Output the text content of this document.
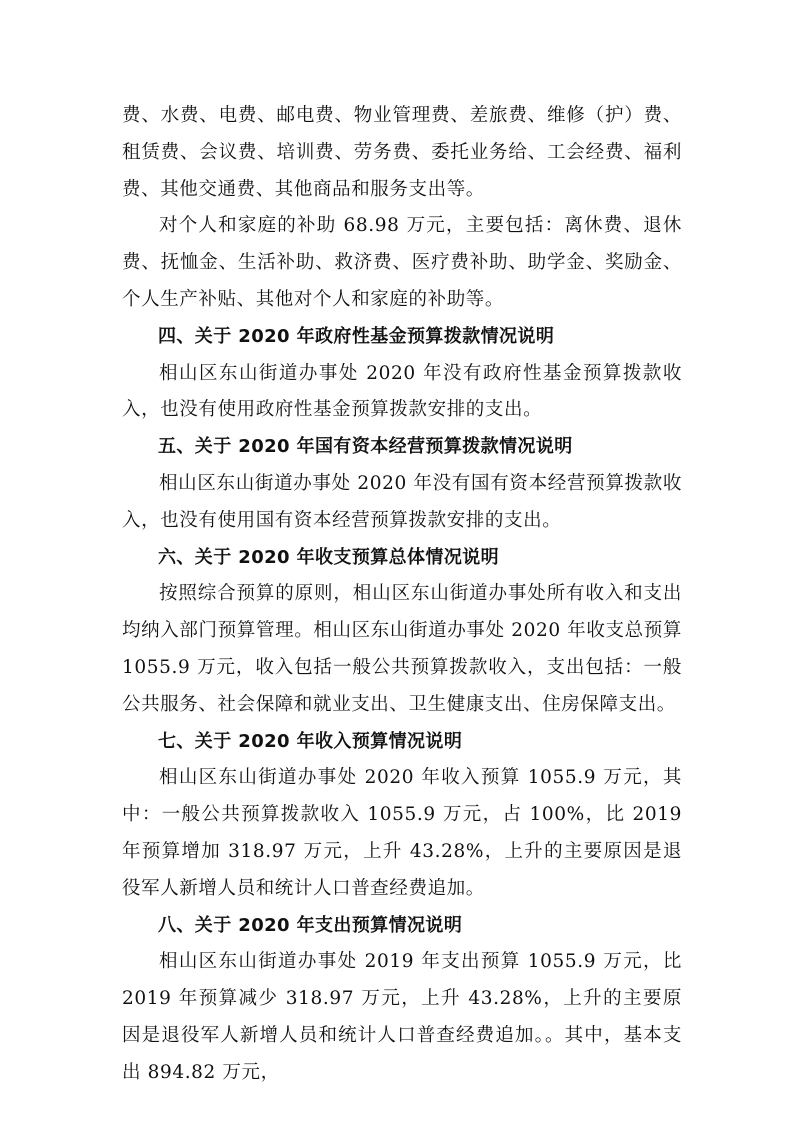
费、水费、电费、邮电费、物业管理费、差旅费、维修（护）费、租赁费、会议费、培训费、劳务费、委托业务给、工会经费、福利费、其他交通费、其他商品和服务支出等。

对个人和家庭的补助 68.98 万元，主要包括：离休费、退休费、抚恤金、生活补助、救济费、医疗费补助、助学金、奖励金、个人生产补贴、其他对个人和家庭的补助等。

四、关于 2020 年政府性基金预算拨款情况说明

相山区东山街道办事处 2020 年没有政府性基金预算拨款收入，也没有使用政府性基金预算拨款安排的支出。

五、关于 2020 年国有资本经营预算拨款情况说明

相山区东山街道办事处 2020 年没有国有资本经营预算拨款收入，也没有使用国有资本经营预算拨款安排的支出。

六、关于 2020 年收支预算总体情况说明

按照综合预算的原则，相山区东山街道办事处所有收入和支出均纳入部门预算管理。相山区东山街道办事处 2020 年收支总预算 1055.9 万元，收入包括一般公共预算拨款收入，支出包括：一般公共服务、社会保障和就业支出、卫生健康支出、住房保障支出。

七、关于 2020 年收入预算情况说明

相山区东山街道办事处 2020 年收入预算 1055.9 万元，其中：一般公共预算拨款收入 1055.9 万元，占 100%，比 2019 年预算增加 318.97 万元，上升 43.28%，上升的主要原因是退役军人新增人员和统计人口普查经费追加。

八、关于 2020 年支出预算情况说明

相山区东山街道办事处 2019 年支出预算 1055.9 万元，比 2019 年预算减少 318.97 万元，上升 43.28%，上升的主要原因是退役军人新增人员和统计人口普查经费追加。。其中，基本支出 894.82 万元，
